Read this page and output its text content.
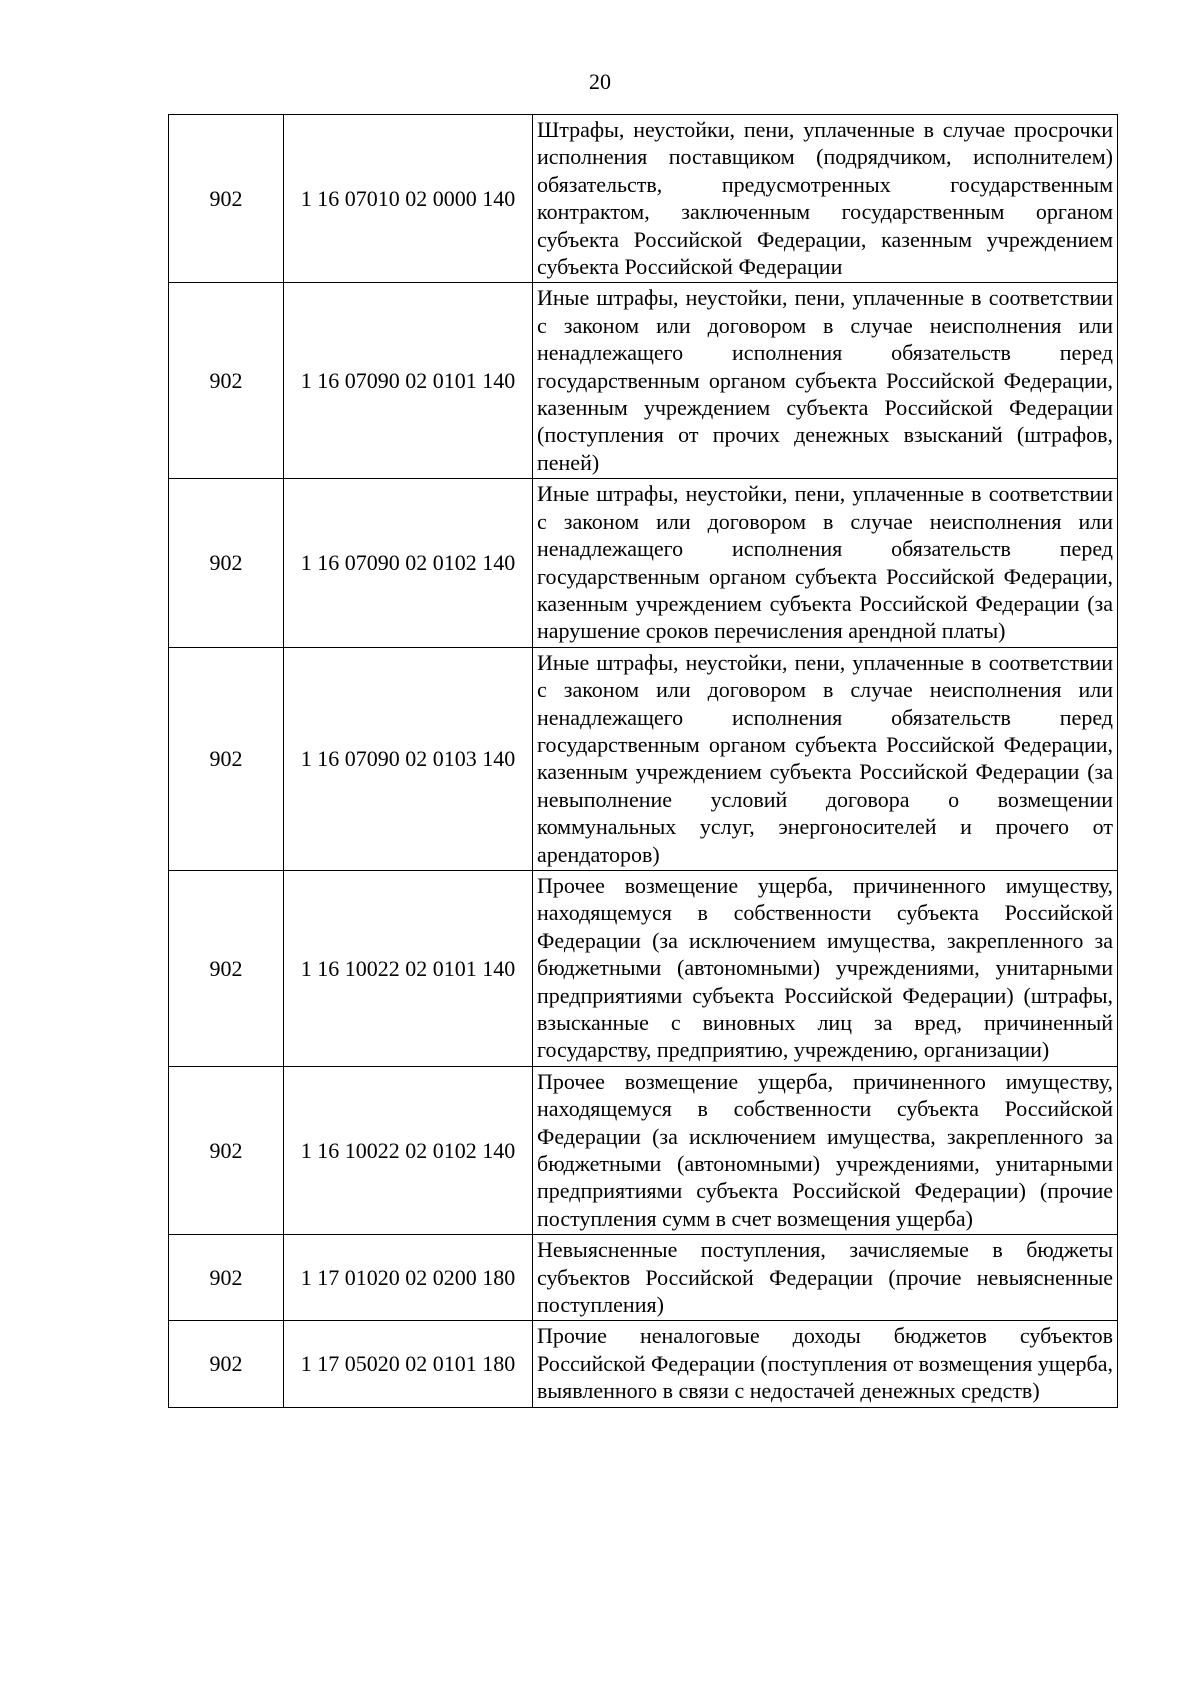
20
902	1 16 07010 02 0000 140	Штрафы, неустойки, пени, уплаченные в случае просрочки исполнения поставщиком (подрядчиком, исполнителем) обязательств, предусмотренных государственным контрактом, заключенным государственным органом субъекта Российской Федерации, казенным учреждением субъекта Российской Федерации
902	1 16 07090 02 0101 140	Иные штрафы, неустойки, пени, уплаченные в соответствии с законом или договором в случае неисполнения или ненадлежащего исполнения обязательств перед государственным органом субъекта Российской Федерации, казенным учреждением субъекта Российской Федерации (поступления от прочих денежных взысканий (штрафов, пеней)
902	1 16 07090 02 0102 140	Иные штрафы, неустойки, пени, уплаченные в соответствии с законом или договором в случае неисполнения или ненадлежащего исполнения обязательств перед государственным органом субъекта Российской Федерации, казенным учреждением субъекта Российской Федерации (за нарушение сроков перечисления арендной платы)
902	1 16 07090 02 0103 140	Иные штрафы, неустойки, пени, уплаченные в соответствии с законом или договором в случае неисполнения или ненадлежащего исполнения обязательств перед государственным органом субъекта Российской Федерации, казенным учреждением субъекта Российской Федерации (за невыполнение условий договора о возмещении коммунальных услуг, энергоносителей и прочего от арендаторов)
902	1 16 10022 02 0101 140	Прочее возмещение ущерба, причиненного имуществу, находящемуся в собственности субъекта Российской Федерации (за исключением имущества, закрепленного за бюджетными (автономными) учреждениями, унитарными предприятиями субъекта Российской Федерации) (штрафы, взысканные с виновных лиц за вред, причиненный государству, предприятию, учреждению, организации)
902	1 16 10022 02 0102 140	Прочее возмещение ущерба, причиненного имуществу, находящемуся в собственности субъекта Российской Федерации (за исключением имущества, закрепленного за бюджетными (автономными) учреждениями, унитарными предприятиями субъекта Российской Федерации) (прочие поступления сумм в счет возмещения ущерба)
902	1 17 01020 02 0200 180	Невыясненные поступления, зачисляемые в бюджеты субъектов Российской Федерации (прочие невыясненные поступления)
902	1 17 05020 02 0101 180	Прочие неналоговые доходы бюджетов субъектов Российской Федерации (поступления от возмещения ущерба, выявленного в связи с недостачей денежных средств)
